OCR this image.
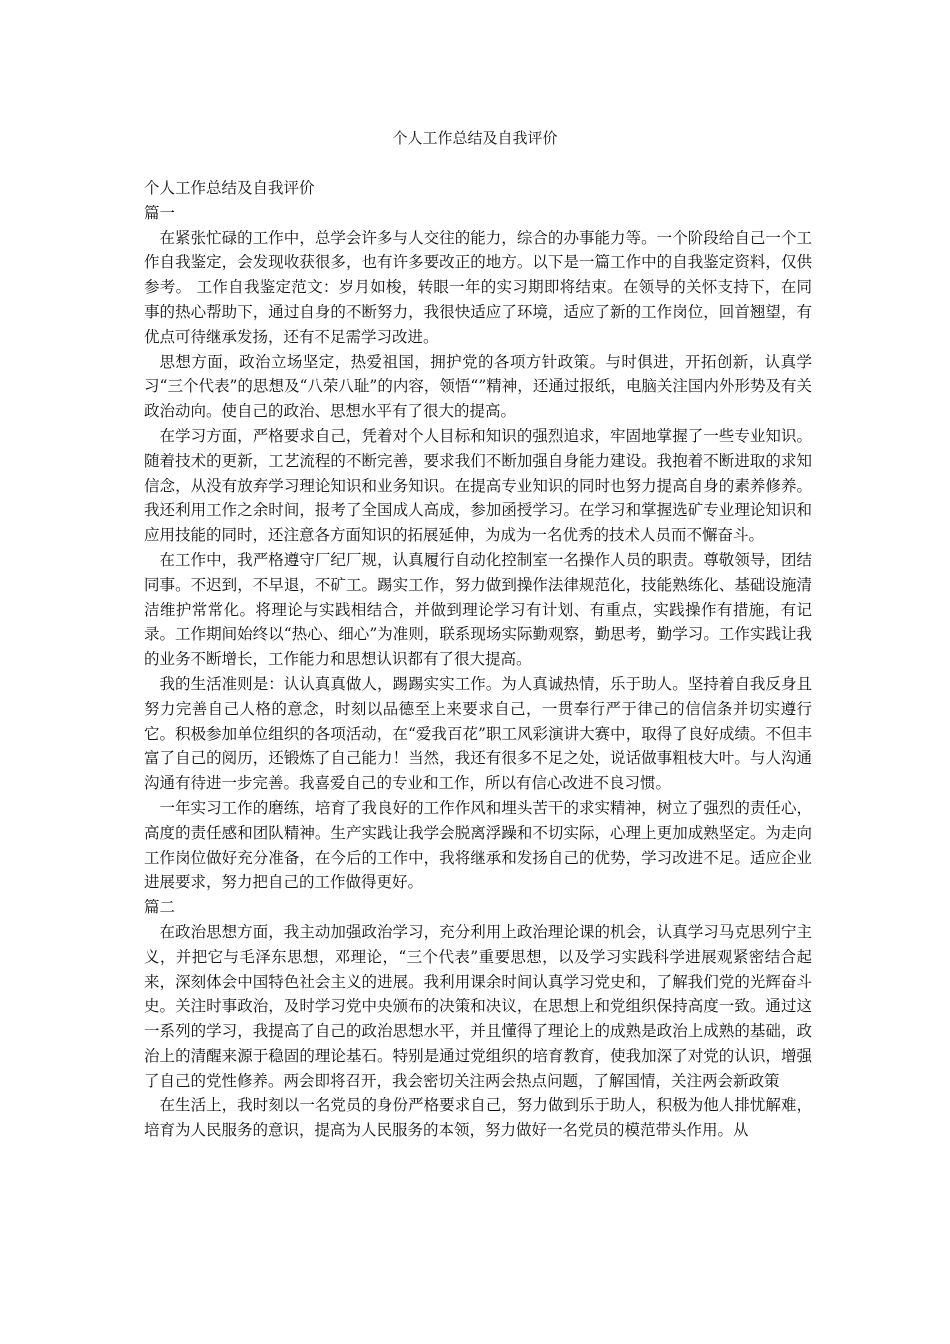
个人工作总结及自我评价

个人工作总结及自我评价

篇一

在紧张忙碌的工作中，总学会许多与人交往的能力，综合的办事能力等。一个阶段给自己一个工作自我鉴定，会发现收获很多，也有许多要改正的地方。以下是一篇工作中的自我鉴定资料，仅供参考。 工作自我鉴定范文：岁月如梭，转眼一年的实习期即将结束。在领导的关怀支持下，在同事的热心帮助下，通过自身的不断努力，我很快适应了环境，适应了新的工作岗位，回首翘望，有优点可待继承发扬，还有不足需学习改进。

思想方面，政治立场坚定，热爱祖国，拥护党的各项方针政策。与时俱进，开拓创新，认真学习“三个代表”的思想及“八荣八耻”的内容，领悟“”精神，还通过报纸，电脑关注国内外形势及有关政治动向。使自己的政治、思想水平有了很大的提高。

在学习方面，严格要求自己，凭着对个人目标和知识的强烈追求，牢固地掌握了一些专业知识。随着技术的更新，工艺流程的不断完善，要求我们不断加强自身能力建设。我抱着不断进取的求知信念，从没有放弃学习理论知识和业务知识。在提高专业知识的同时也努力提高自身的素养修养。我还利用工作之余时间，报考了全国成人高成，参加函授学习。在学习和掌握选矿专业理论知识和应用技能的同时，还注意各方面知识的拓展延伸，为成为一名优秀的技术人员而不懈奋斗。

在工作中，我严格遵守厂纪厂规，认真履行自动化控制室一名操作人员的职责。尊敬领导，团结同事。不迟到，不早退，不矿工。踢实工作，努力做到操作法律规范化，技能熟练化、基础设施清洁维护常常化。将理论与实践相结合，并做到理论学习有计划、有重点，实践操作有措施，有记录。工作期间始终以“热心、细心”为准则，联系现场实际勤观察，勤思考，勤学习。工作实践让我的业务不断增长，工作能力和思想认识都有了很大提高。

我的生活准则是：认认真真做人，踢踢实实工作。为人真诚热情，乐于助人。坚持着自我反身且努力完善自己人格的意念，时刻以品德至上来要求自己，一贯奉行严于律己的信信条并切实遵行它。积极参加单位组织的各项活动，在“爱我百花”职工风彩演讲大赛中，取得了良好成绩。不但丰富了自己的阅历，还锻炼了自己能力！当然，我还有很多不足之处，说话做事粗枝大叶。与人沟通沟通有待进一步完善。我喜爱自己的专业和工作，所以有信心改进不良习惯。

一年实习工作的磨练，培育了我良好的工作作风和埋头苦干的求实精神，树立了强烈的责任心，高度的责任感和团队精神。生产实践让我学会脱离浮躁和不切实际，心理上更加成熟坚定。为走向工作岗位做好充分准备，在今后的工作中，我将继承和发扬自己的优势，学习改进不足。适应企业进展要求，努力把自己的工作做得更好。

篇二

在政治思想方面，我主动加强政治学习，充分利用上政治理论课的机会，认真学习马克思列宁主义，并把它与毛泽东思想，邓理论，“三个代表”重要思想，以及学习实践科学进展观紧密结合起来，深刻体会中国特色社会主义的进展。我利用课余时间认真学习党史和，了解我们党的光辉奋斗史。关注时事政治，及时学习党中央颁布的决策和决议，在思想上和党组织保持高度一致。通过这一系列的学习，我提高了自己的政治思想水平，并且懂得了理论上的成熟是政治上成熟的基础，政治上的清醒来源于稳固的理论基石。特别是通过党组织的培育教育，使我加深了对党的认识，增强了自己的党性修养。两会即将召开，我会密切关注两会热点问题，了解国情，关注两会新政策

在生活上，我时刻以一名党员的身份严格要求自己，努力做到乐于助人，积极为他人排忧解难，培育为人民服务的意识，提高为人民服务的本领，努力做好一名党员的模范带头作用。从
